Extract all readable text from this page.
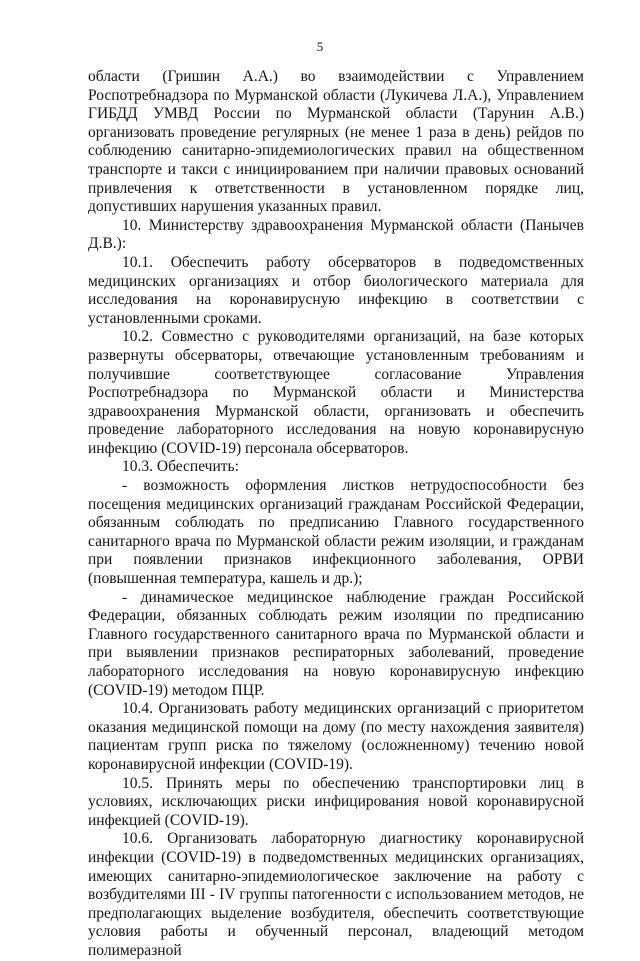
5

области (Гришин А.А.) во взаимодействии с Управлением Роспотребнадзора по Мурманской области (Лукичева Л.А.), Управлением ГИБДД УМВД России по Мурманской области (Тарунин А.В.) организовать проведение регулярных (не менее 1 раза в день) рейдов по соблюдению санитарно-эпидемиологических правил на общественном транспорте и такси с инициированием при наличии правовых оснований привлечения к ответственности в установленном порядке лиц, допустивших нарушения указанных правил.

10. Министерству здравоохранения Мурманской области (Панычев Д.В.):

10.1. Обеспечить работу обсерваторов в подведомственных медицинских организациях и отбор биологического материала для исследования на коронавирусную инфекцию в соответствии с установленными сроками.

10.2. Совместно с руководителями организаций, на базе которых развернуты обсерваторы, отвечающие установленным требованиям и получившие соответствующее согласование Управления Роспотребнадзора по Мурманской области и Министерства здравоохранения Мурманской области, организовать и обеспечить проведение лабораторного исследования на новую коронавирусную инфекцию (COVID-19) персонала обсерваторов.

10.3. Обеспечить:

- возможность оформления листков нетрудоспособности без посещения медицинских организаций гражданам Российской Федерации, обязанным соблюдать по предписанию Главного государственного санитарного врача по Мурманской области режим изоляции, и гражданам при появлении признаков инфекционного заболевания, ОРВИ (повышенная температура, кашель и др.);

- динамическое медицинское наблюдение граждан Российской Федерации, обязанных соблюдать режим изоляции по предписанию Главного государственного санитарного врача по Мурманской области и при выявлении признаков респираторных заболеваний, проведение лабораторного исследования на новую коронавирусную инфекцию (COVID-19) методом ПЦР.

10.4. Организовать работу медицинских организаций с приоритетом оказания медицинской помощи на дому (по месту нахождения заявителя) пациентам групп риска по тяжелому (осложненному) течению новой коронавирусной инфекции (COVID-19).

10.5. Принять меры по обеспечению транспортировки лиц в условиях, исключающих риски инфицирования новой коронавирусной инфекцией (COVID-19).

10.6. Организовать лабораторную диагностику коронавирусной инфекции (COVID-19) в подведомственных медицинских организациях, имеющих санитарно-эпидемиологическое заключение на работу с возбудителями III - IV группы патогенности с использованием методов, не предполагающих выделение возбудителя, обеспечить соответствующие условия работы и обученный персонал, владеющий методом полимеразной
